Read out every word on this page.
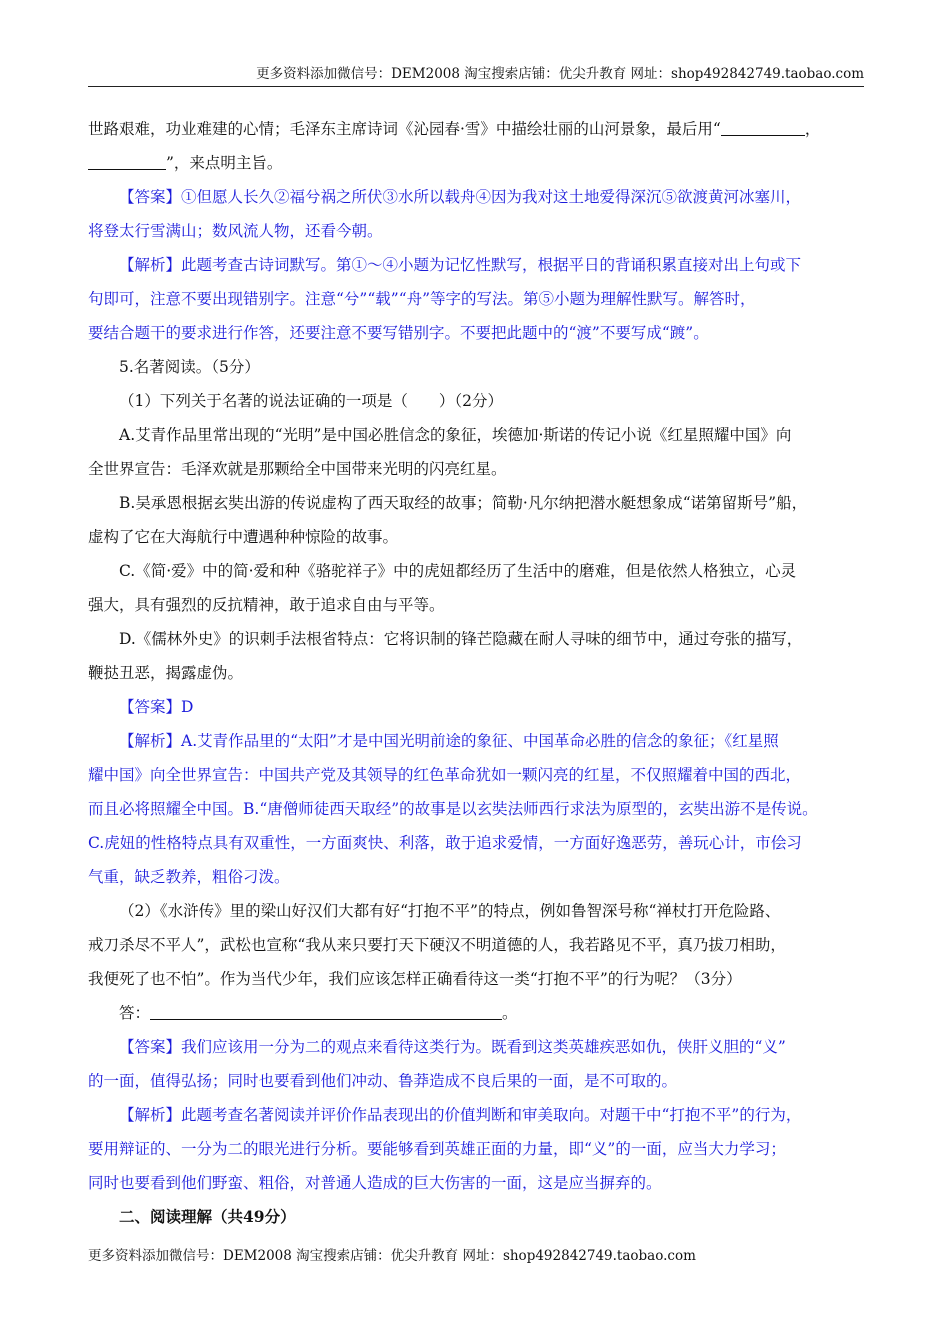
更多资料添加微信号：DEM2008 淘宝搜索店铺：优尖升教育 网址：shop492842749.taobao.com

世路艰难，功业难建的心情；毛泽东主席诗词《沁园春·雪》中描绘壮丽的山河景象，最后用“	，

”，来点明主旨。

【答案】①但愿人长久②福兮祸之所伏③水所以载舟④因为我对这土地爱得深沉⑤欲渡黄河冰塞川，

将登太行雪满山；数风流人物，还看今朝。

【解析】此题考查古诗词默写。第①～④小题为记忆性默写，根据平日的背诵积累直接对出上句或下

句即可，注意不要出现错别字。注意“兮”“载”“舟”等字的写法。第⑤小题为理解性默写。解答时，

要结合题干的要求进行作答，还要注意不要写错别字。不要把此题中的“渡”不要写成“踱”。

5.名著阅读。（5分）

（1）下列关于名著的说法证确的一项是（　　）（2分）

A.艾青作品里常出现的“光明”是中国必胜信念的象征，埃德加·斯诺的传记小说《红星照耀中国》向

全世界宣告：毛泽欢就是那颗给全中国带来光明的闪亮红星。

B.吴承恩根据玄奘出游的传说虚构了西天取经的故事；简勒·凡尔纳把潜水艇想象成“诺第留斯号”船，

虚构了它在大海航行中遭遇种种惊险的故事。

C.《简·爱》中的简·爱和种《骆驼祥子》中的虎妞都经历了生活中的磨难，但是依然人格独立，心灵

强大，具有强烈的反抗精神，敢于追求自由与平等。

D.《儒林外史》的识刺手法根省特点：它将识制的锋芒隐藏在耐人寻味的细节中，通过夸张的描写，

鞭挞丑恶，揭露虚伪。

【答案】D

【解析】A.艾青作品里的“太阳”才是中国光明前途的象征、中国革命必胜的信念的象征；《红星照

耀中国》向全世界宣告：中国共产党及其领导的红色革命犹如一颗闪亮的红星，不仅照耀着中国的西北，

而且必将照耀全中国。B.“唐僧师徒西天取经”的故事是以玄奘法师西行求法为原型的，玄奘出游不是传说。

C.虎妞的性格特点具有双重性，一方面爽快、利落，敢于追求爱情，一方面好逸恶劳，善玩心计，市侩习

气重，缺乏教养，粗俗刁泼。

（2）《水浒传》里的梁山好汉们大都有好“打抱不平”的特点，例如鲁智深号称“禅杖打开危险路、

戒刀杀尽不平人”，武松也宣称“我从来只要打天下硬汉不明道德的人，我若路见不平，真乃拔刀相助，

我便死了也不怕”。作为当代少年，我们应该怎样正确看待这一类“打抱不平”的行为呢？（3分）

答：	。

【答案】我们应该用一分为二的观点来看待这类行为。既看到这类英雄疾恶如仇，侠肝义胆的“义”

的一面，值得弘扬；同时也要看到他们冲动、鲁莽造成不良后果的一面，是不可取的。

【解析】此题考查名著阅读并评价作品表现出的价值判断和审美取向。对题干中“打抱不平”的行为，

要用辩证的、一分为二的眼光进行分析。要能够看到英雄正面的力量，即“义”的一面，应当大力学习；

同时也要看到他们野蛮、粗俗，对普通人造成的巨大伤害的一面，这是应当摒弃的。

二、阅读理解（共49分）

更多资料添加微信号：DEM2008 淘宝搜索店铺：优尖升教育 网址：shop492842749.taobao.com
